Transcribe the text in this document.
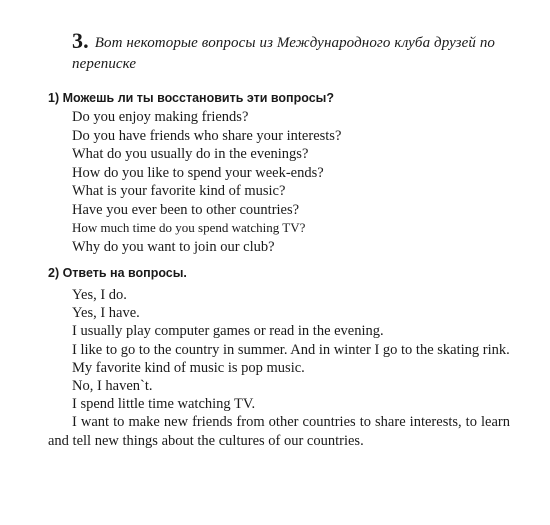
3. Вот некоторые вопросы из Международного клуба друзей по переписке
1) Можешь ли ты восстановить эти вопросы?
Do you enjoy making friends?
Do you have friends who share your interests?
What do you usually do in the evenings?
How do you like to spend your week-ends?
What is your favorite kind of music?
Have you ever been to other countries?
How much time do you spend watching TV?
Why do you want to join our club?
2) Ответь на вопросы.
Yes, I do.
Yes, I have.
I usually play computer games or read in the evening.
I like to go to the country in summer. And in winter I go to the skating rink.
My favorite kind of music is pop music.
No, I haven`t.
I spend little time watching TV.
I want to make new friends from other countries to share interests, to learn and tell new things about the cultures of our countries.
